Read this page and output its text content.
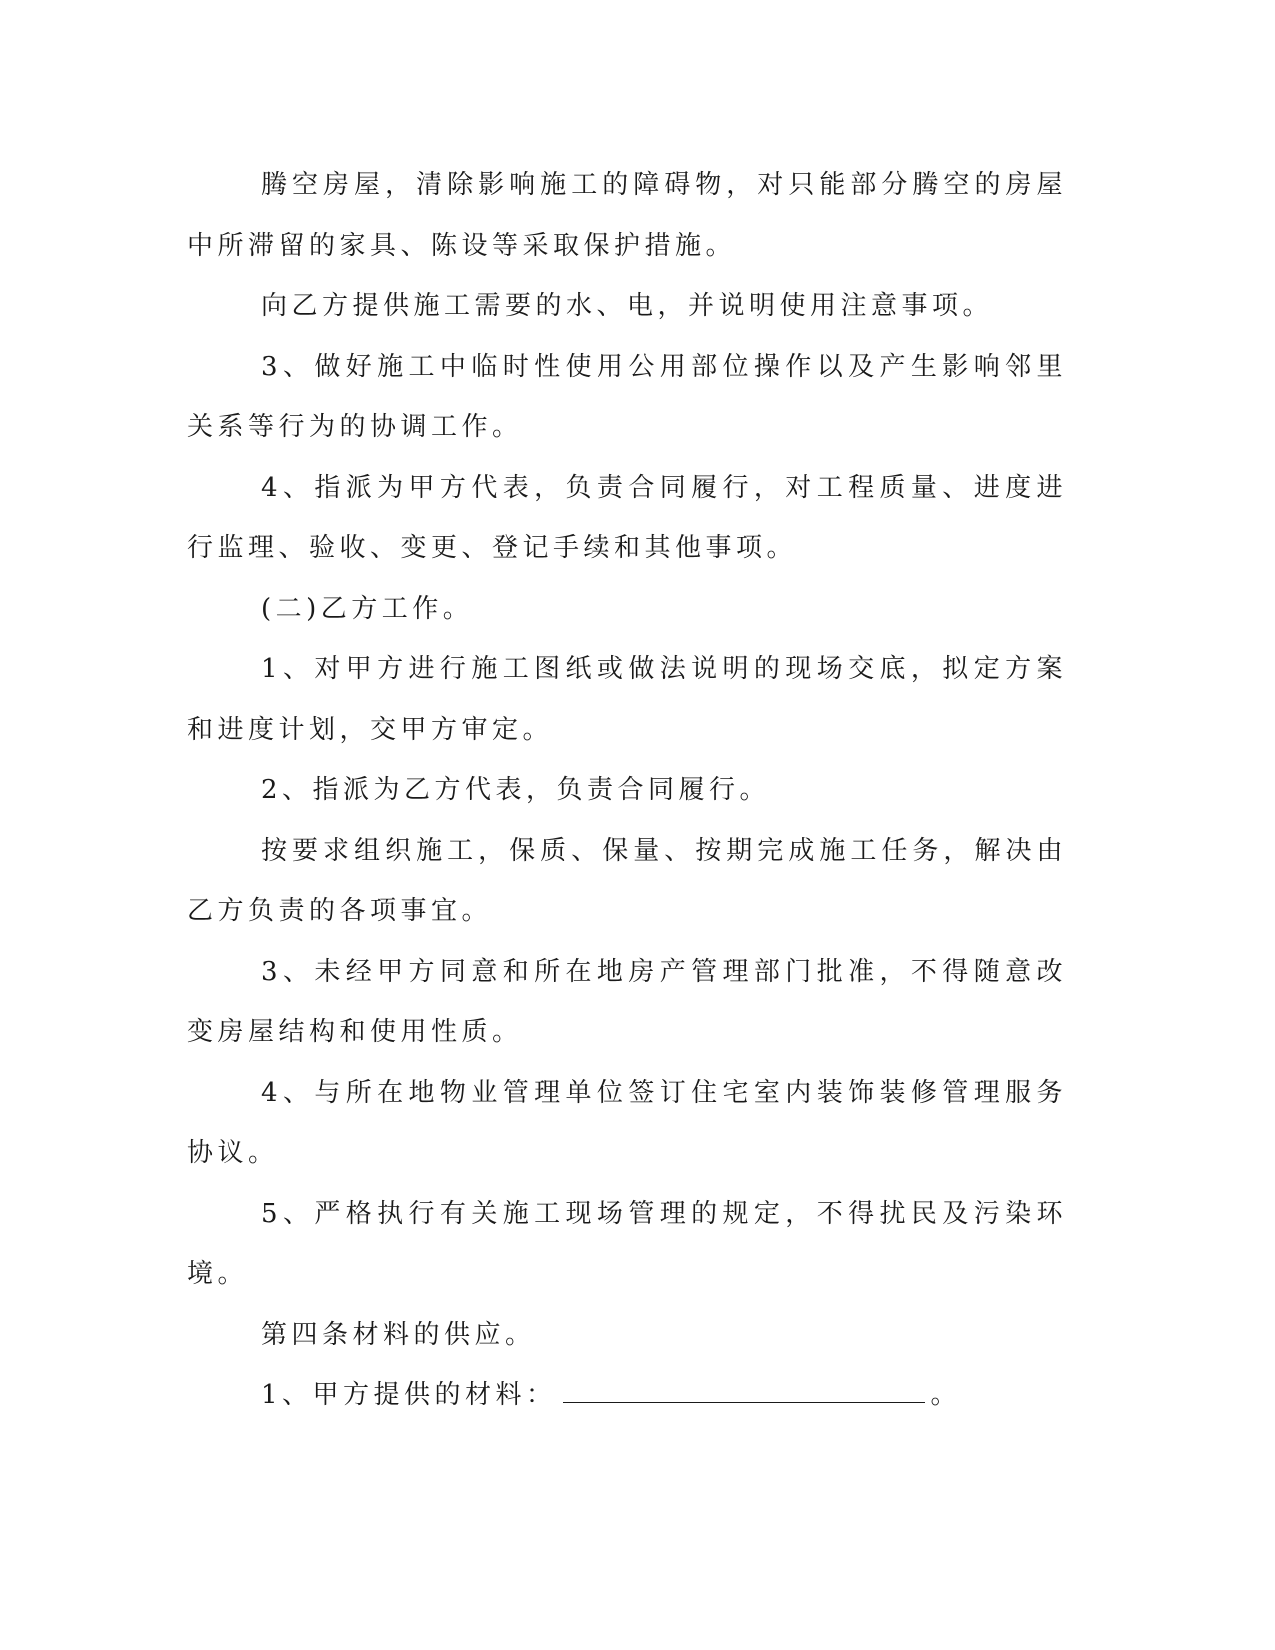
腾空房屋，清除影响施工的障碍物，对只能部分腾空的房屋中所滞留的家具、陈设等采取保护措施。

向乙方提供施工需要的水、电，并说明使用注意事项。

3、做好施工中临时性使用公用部位操作以及产生影响邻里关系等行为的协调工作。

4、指派为甲方代表，负责合同履行，对工程质量、进度进行监理、验收、变更、登记手续和其他事项。

(二)乙方工作。

1、对甲方进行施工图纸或做法说明的现场交底，拟定方案和进度计划，交甲方审定。

2、指派为乙方代表，负责合同履行。

按要求组织施工，保质、保量、按期完成施工任务，解决由乙方负责的各项事宜。

3、未经甲方同意和所在地房产管理部门批准，不得随意改变房屋结构和使用性质。

4、与所在地物业管理单位签订住宅室内装饰装修管理服务协议。

5、严格执行有关施工现场管理的规定，不得扰民及污染环境。

第四条材料的供应。

1、甲方提供的材料：	。
